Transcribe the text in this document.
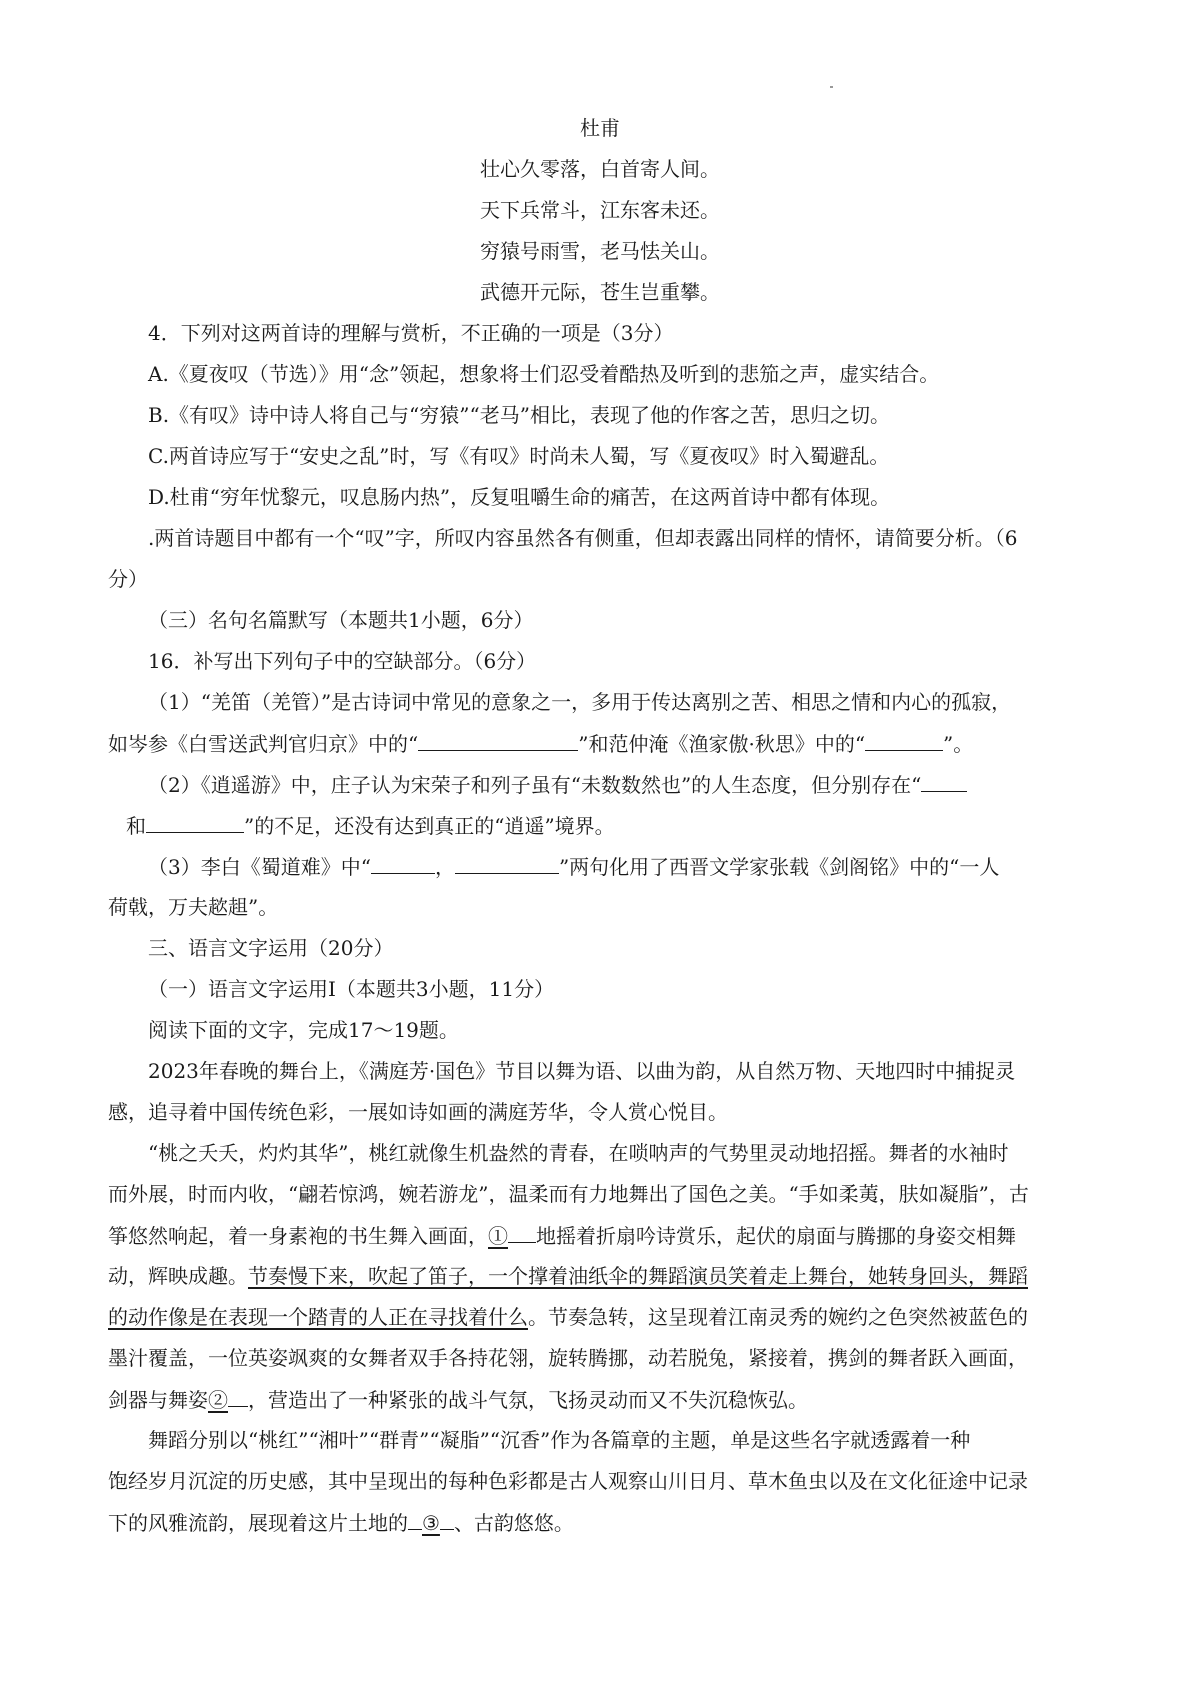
杜甫
壮心久零落，白首寄人间。
天下兵常斗，江东客未还。
穷猿号雨雪，老马怯关山。
武德开元际，苍生岂重攀。
4．下列对这两首诗的理解与赏析，不正确的一项是（3分）
A.《夏夜叹（节选）》用“念”领起，想象将士们忍受着酷热及听到的悲笳之声，虚实结合。
B.《有叹》诗中诗人将自己与“穷猿”“老马”相比，表现了他的作客之苦，思归之切。
C.两首诗应写于“安史之乱”时，写《有叹》时尚未人蜀，写《夏夜叹》时入蜀避乱。
D.杜甫“穷年忧黎元，叹息肠内热”，反复咀嚼生命的痛苦，在这两首诗中都有体现。
.两首诗题目中都有一个“叹”字，所叹内容虽然各有侧重，但却表露出同样的情怀，请简要分析。（6
分）
（三）名句名篇默写（本题共1小题，6分）
16．补写出下列句子中的空缺部分。（6分）
（1）“羌笛（羌管）”是古诗词中常见的意象之一，多用于传达离别之苦、相思之情和内心的孤寂，
如岑参《白雪送武判官归京》中的“	”和范仲淹《渔家傲·秋思》中的“	”。
（2）《逍遥游》中，庄子认为宋荣子和列子虽有“未数数然也”的人生态度，但分别存在“
和	”的不足，还没有达到真正的“逍遥”境界。
（3）李白《蜀道难》中“	，	”两句化用了西晋文学家张载《剑阁铭》中的“一人
荷戟，万夫趑趄”。
三、语言文字运用（20分）
（一）语言文字运用Ⅰ（本题共3小题，11分）
阅读下面的文字，完成17～19题。
2023年春晚的舞台上，《满庭芳·国色》节目以舞为语、以曲为韵，从自然万物、天地四时中捕捉灵
感，追寻着中国传统色彩，一展如诗如画的满庭芳华，令人赏心悦目。
“桃之夭夭，灼灼其华”，桃红就像生机盎然的青春，在唢呐声的气势里灵动地招摇。舞者的水袖时
而外展，时而内收，“翩若惊鸿，婉若游龙”，温柔而有力地舞出了国色之美。“手如柔荑，肤如凝脂”，古
筝悠然响起，着一身素袍的书生舞入画面，① 地摇着折扇吟诗赏乐，起伏的扇面与腾挪的身姿交相舞
动，辉映成趣。节奏慢下来，吹起了笛子，一个撑着油纸伞的舞蹈演员笑着走上舞台，她转身回头，舞蹈
的动作像是在表现一个踏青的人正在寻找着什么。节奏急转，这呈现着江南灵秀的婉约之色突然被蓝色的
墨汁覆盖，一位英姿飒爽的女舞者双手各持花翎，旋转腾挪，动若脱兔，紧接着，携剑的舞者跃入画面，
剑器与舞姿② ，营造出了一种紧张的战斗气氛，飞扬灵动而又不失沉稳恢弘。
舞蹈分别以“桃红”“湘叶”“群青”“凝脂”“沉香”作为各篇章的主题，单是这些名字就透露着一种
饱经岁月沉淀的历史感，其中呈现出的每种色彩都是古人观察山川日月、草木鱼虫以及在文化征途中记录
下的风雅流韵，展现着这片土地的 ③ 、古韵悠悠。
